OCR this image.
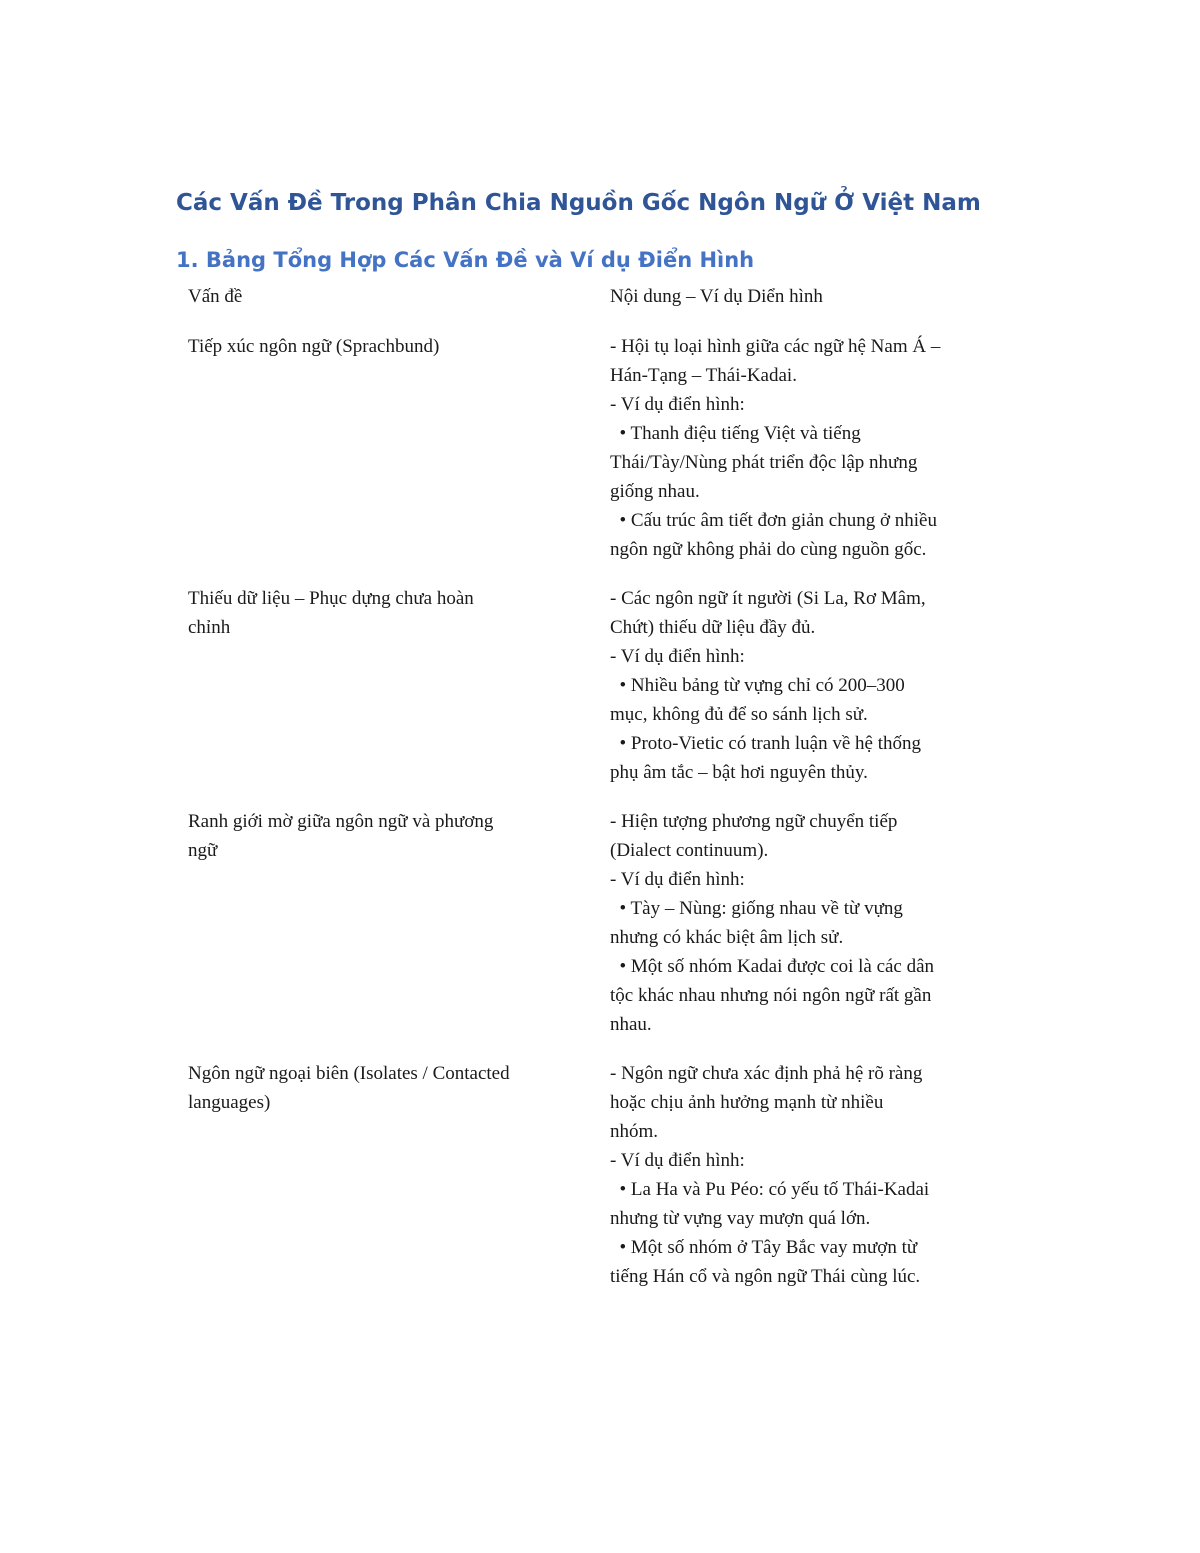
Các Vấn Đề Trong Phân Chia Nguồn Gốc Ngôn Ngữ Ở Việt Nam
1. Bảng Tổng Hợp Các Vấn Đề và Ví dụ Điển Hình
Vấn đề	Nội dung – Ví dụ Diển hình
Tiếp xúc ngôn ngữ (Sprachbund)	- Hội tụ loại hình giữa các ngữ hệ Nam Á –
Hán-Tạng – Thái-Kadai.
- Ví dụ điển hình:
• Thanh điệu tiếng Việt và tiếng
Thái/Tày/Nùng phát triển độc lập nhưng
giống nhau.
• Cấu trúc âm tiết đơn giản chung ở nhiều
ngôn ngữ không phải do cùng nguồn gốc.
Thiếu dữ liệu – Phục dựng chưa hoàn
chỉnh
- Các ngôn ngữ ít người (Si La, Rơ Mâm,
Chứt) thiếu dữ liệu đầy đủ.
- Ví dụ điển hình:
• Nhiều bảng từ vựng chỉ có 200–300
mục, không đủ để so sánh lịch sử.
• Proto-Vietic có tranh luận về hệ thống
phụ âm tắc – bật hơi nguyên thủy.
Ranh giới mờ giữa ngôn ngữ và phương
ngữ
- Hiện tượng phương ngữ chuyển tiếp
(Dialect continuum).
- Ví dụ điển hình:
• Tày – Nùng: giống nhau về từ vựng
nhưng có khác biệt âm lịch sử.
• Một số nhóm Kadai được coi là các dân
tộc khác nhau nhưng nói ngôn ngữ rất gần
nhau.
Ngôn ngữ ngoại biên (Isolates / Contacted
languages)
- Ngôn ngữ chưa xác định phả hệ rõ ràng
hoặc chịu ảnh hưởng mạnh từ nhiều
nhóm.
- Ví dụ điển hình:
• La Ha và Pu Péo: có yếu tố Thái-Kadai
nhưng từ vựng vay mượn quá lớn.
• Một số nhóm ở Tây Bắc vay mượn từ
tiếng Hán cổ và ngôn ngữ Thái cùng lúc.
